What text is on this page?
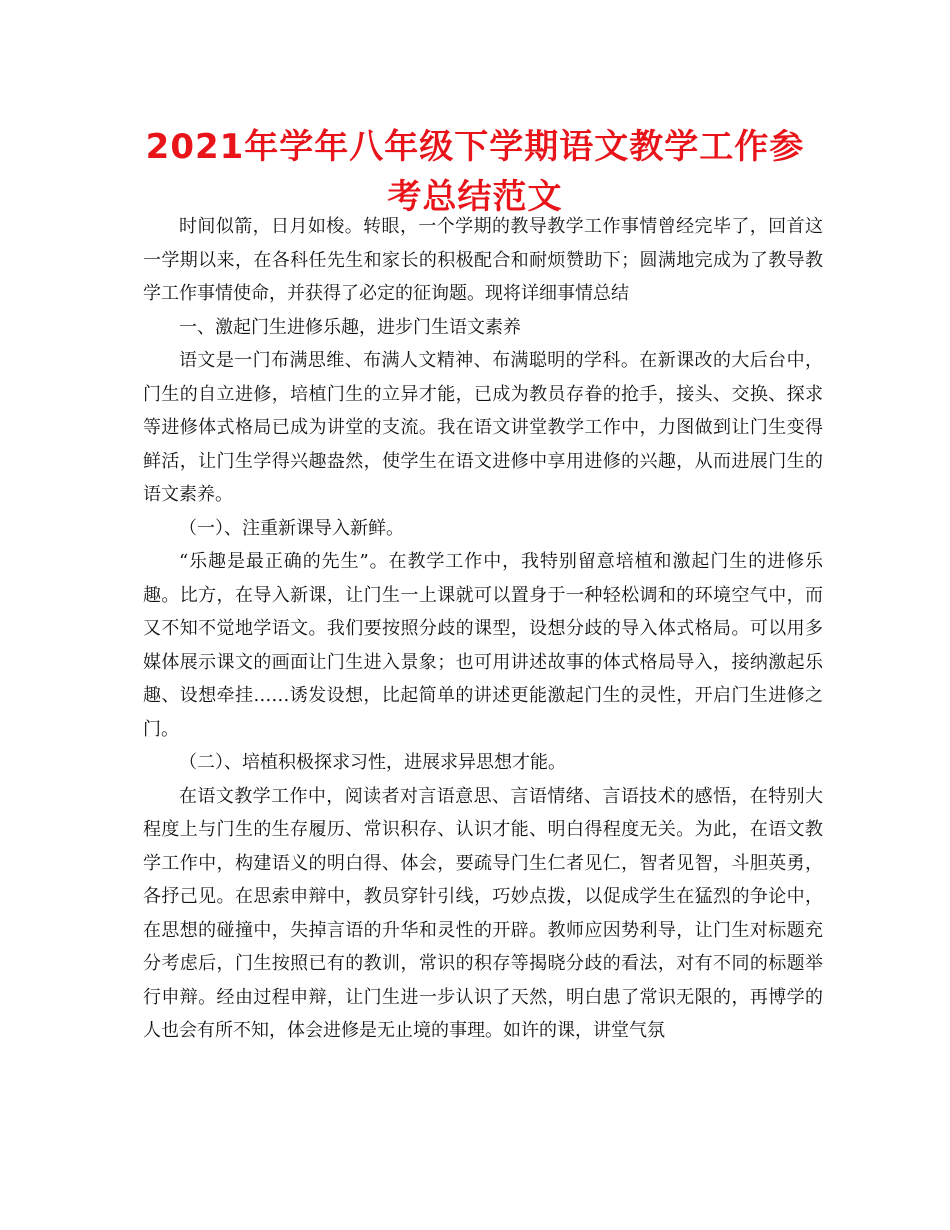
2021年学年八年级下学期语文教学工作参考总结范文

时间似箭，日月如梭。转眼，一个学期的教导教学工作事情曾经完毕了，回首这一学期以来，在各科任先生和家长的积极配合和耐烦赞助下；圆满地完成为了教导教学工作事情使命，并获得了必定的征询题。现将详细事情总结

一、激起门生进修乐趣，进步门生语文素养

语文是一门布满思维、布满人文精神、布满聪明的学科。在新课改的大后台中，门生的自立进修，培植门生的立异才能，已成为教员存眷的抢手，接头、交换、探求等进修体式格局已成为讲堂的支流。我在语文讲堂教学工作中，力图做到让门生变得鲜活，让门生学得兴趣盎然，使学生在语文进修中享用进修的兴趣，从而进展门生的语文素养。

（一）、注重新课导入新鲜。

“乐趣是最正确的先生”。在教学工作中，我特别留意培植和激起门生的进修乐趣。比方，在导入新课，让门生一上课就可以置身于一种轻松调和的环境空气中，而又不知不觉地学语文。我们要按照分歧的课型，设想分歧的导入体式格局。可以用多媒体展示课文的画面让门生进入景象；也可用讲述故事的体式格局导入，接纳激起乐趣、设想牵挂……诱发设想，比起简单的讲述更能激起门生的灵性，开启门生进修之门。

（二）、培植积极探求习性，进展求异思想才能。

在语文教学工作中，阅读者对言语意思、言语情绪、言语技术的感悟，在特别大程度上与门生的生存履历、常识积存、认识才能、明白得程度无关。为此，在语文教学工作中，构建语义的明白得、体会，要疏导门生仁者见仁，智者见智，斗胆英勇，各抒己见。在思索申辩中，教员穿针引线，巧妙点拨，以促成学生在猛烈的争论中，在思想的碰撞中，失掉言语的升华和灵性的开辟。教师应因势利导，让门生对标题充分考虑后，门生按照已有的教训，常识的积存等揭晓分歧的看法，对有不同的标题举行申辩。经由过程申辩，让门生进一步认识了天然，明白患了常识无限的，再博学的人也会有所不知，体会进修是无止境的事理。如许的课，讲堂气氛
